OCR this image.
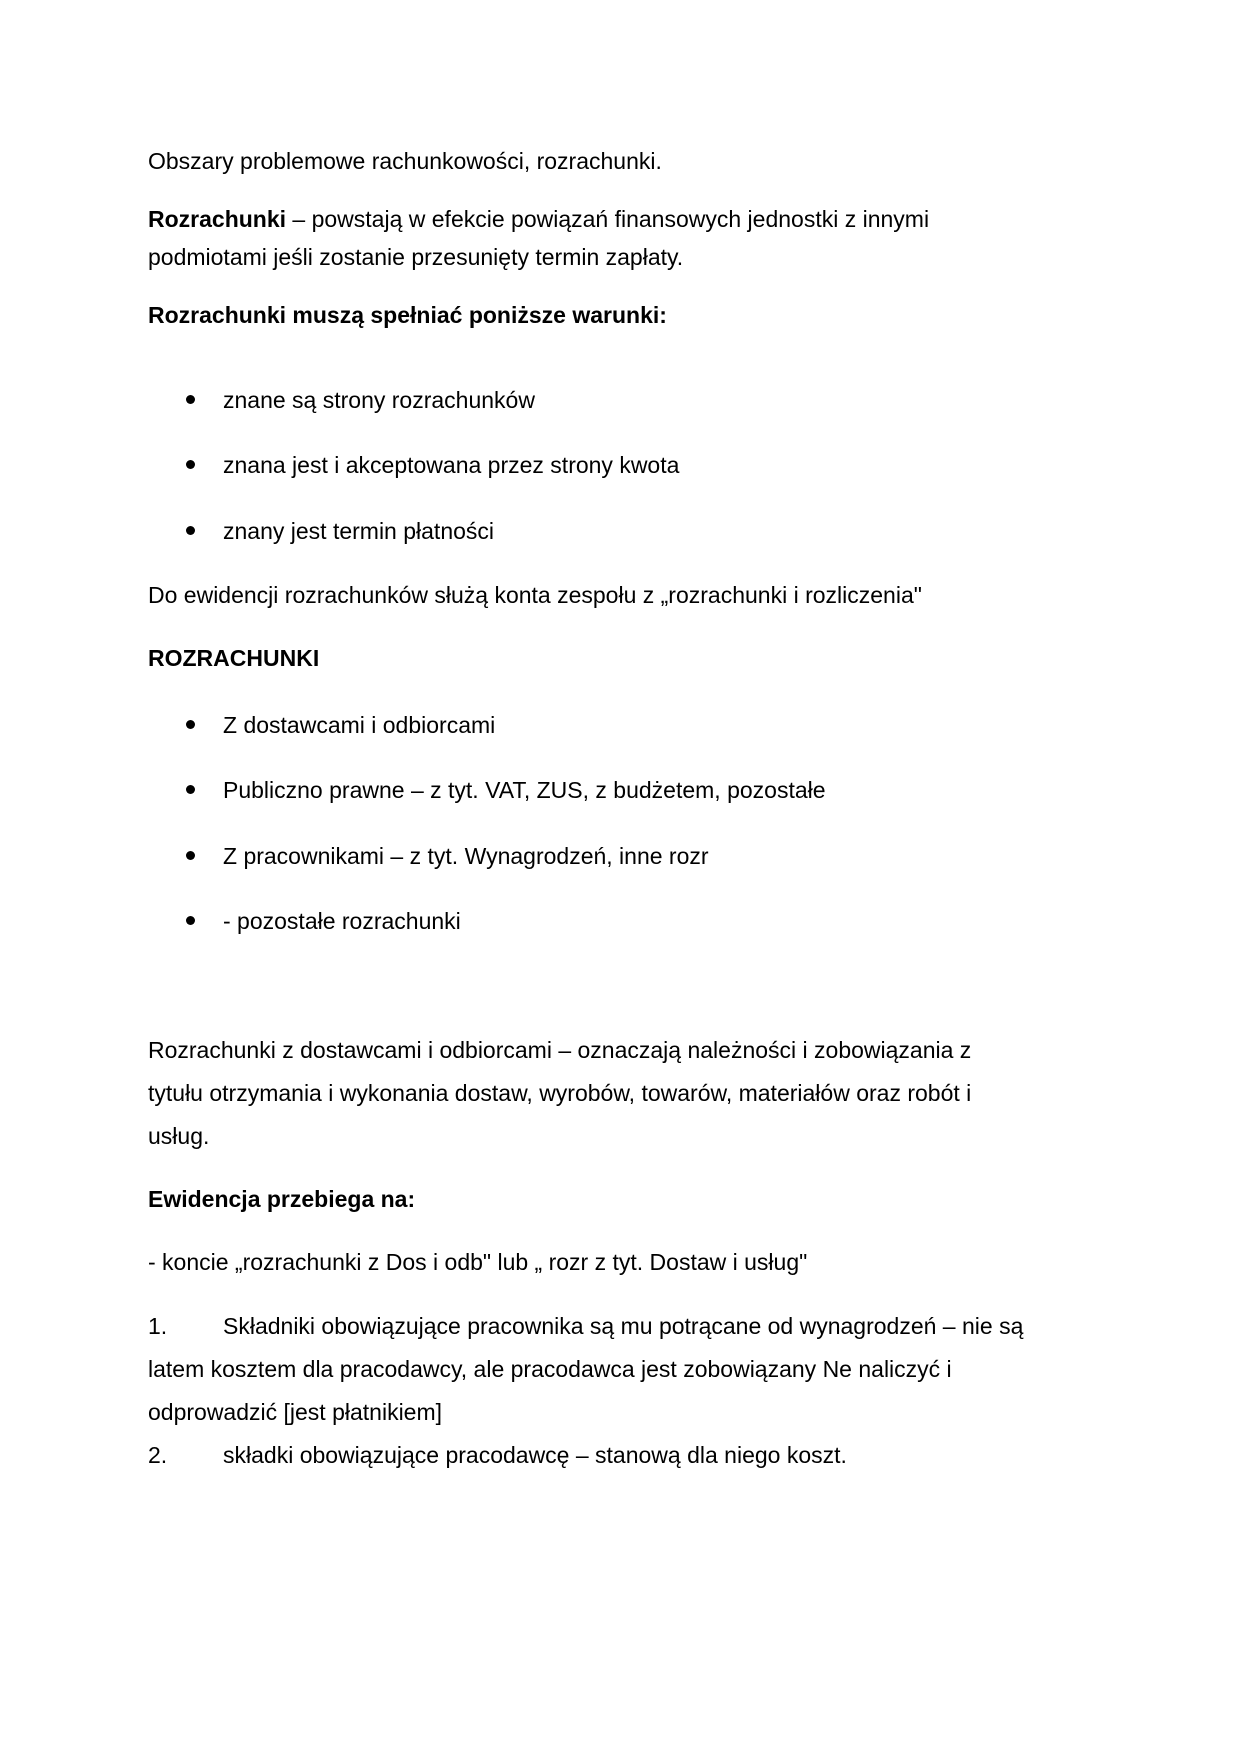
Obszary problemowe rachunkowości, rozrachunki.
Rozrachunki – powstają w efekcie powiązań finansowych jednostki z innymi
podmiotami jeśli zostanie przesunięty termin zapłaty.
Rozrachunki muszą spełniać poniższe warunki:
znane są strony rozrachunków
znana jest i akceptowana przez strony kwota
znany jest termin płatności
Do ewidencji rozrachunków służą konta zespołu z „rozrachunki i rozliczenia"
ROZRACHUNKI
Z dostawcami i odbiorcami
Publiczno prawne – z tyt. VAT, ZUS, z budżetem, pozostałe
Z pracownikami – z tyt. Wynagrodzeń, inne rozr
- pozostałe rozrachunki
Rozrachunki z dostawcami i odbiorcami – oznaczają należności i zobowiązania z
tytułu otrzymania i wykonania dostaw, wyrobów, towarów, materiałów oraz robót i
usług.
Ewidencja przebiega na:
- koncie „rozrachunki z Dos i odb" lub „ rozr z tyt. Dostaw i usług"
1. Składniki obowiązujące pracownika są mu potrącane od wynagrodzeń – nie są
latem kosztem dla pracodawcy, ale pracodawca jest zobowiązany Ne naliczyć i
odprowadzić [jest płatnikiem]
2. składki obowiązujące pracodawcę – stanową dla niego koszt.
